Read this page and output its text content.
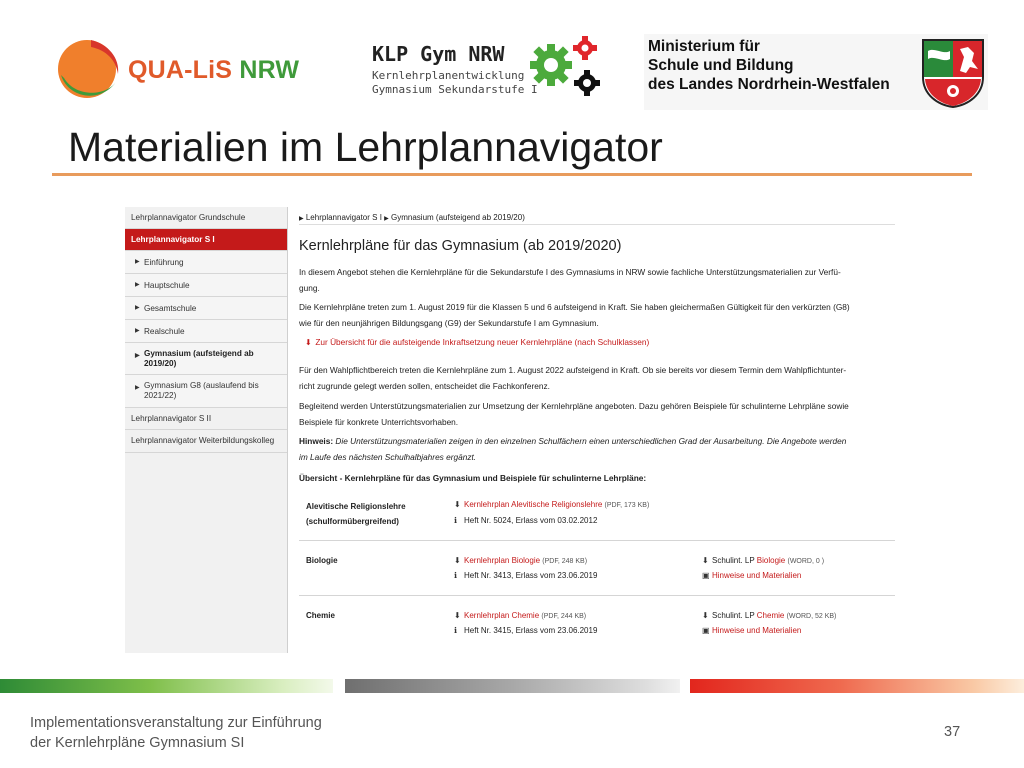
QUA-LiS NRW
KLP Gym NRW
Kernlehrplanentwicklung
Gymnasium Sekundarstufe I
Ministerium für
Schule und Bildung
des Landes Nordrhein-Westfalen
Materialien im Lehrplannavigator
Lehrplannavigator Grundschule
Lehrplannavigator S I
▶ Einführung
▶ Hauptschule
▶ Gesamtschule
▶ Realschule
▶ Gymnasium (aufsteigend ab
2019/20)
▶ Gymnasium G8 (auslaufend bis
2021/22)
Lehrplannavigator S II
Lehrplannavigator Weiterbildungskolleg
▶ Lehrplannavigator S I ▶ Gymnasium (aufsteigend ab 2019/20)
Kernlehrpläne für das Gymnasium (ab 2019/2020)
In diesem Angebot stehen die Kernlehrpläne für die Sekundarstufe I des Gymnasiums in NRW sowie fachliche Unterstützungsmaterialien zur Verfü-
gung.
Die Kernlehrpläne treten zum 1. August 2019 für die Klassen 5 und 6 aufsteigend in Kraft. Sie haben gleichermaßen Gültigkeit für den verkürzten (G8)
wie für den neunjährigen Bildungsgang (G9) der Sekundarstufe I am Gymnasium.
⬇ Zur Übersicht für die aufsteigende Inkraftsetzung neuer Kernlehrpläne (nach Schulklassen)
Für den Wahlpflichtbereich treten die Kernlehrpläne zum 1. August 2022 aufsteigend in Kraft. Ob sie bereits vor diesem Termin dem Wahlpflichtunter-
richt zugrunde gelegt werden sollen, entscheidet die Fachkonferenz.
Begleitend werden Unterstützungsmaterialien zur Umsetzung der Kernlehrpläne angeboten. Dazu gehören Beispiele für schulinterne Lehrpläne sowie
Beispiele für konkrete Unterrichtsvorhaben.
Hinweis: Die Unterstützungsmaterialien zeigen in den einzelnen Schulfächern einen unterschiedlichen Grad der Ausarbeitung. Die Angebote werden
im Laufe des nächsten Schulhalbjahres ergänzt.
Übersicht - Kernlehrpläne für das Gymnasium und Beispiele für schulinterne Lehrpläne:
Alevitische Religionslehre
(schulformübergreifend)
⬇ Kernlehrplan Alevitische Religionslehre (PDF, 173 KB)
ℹ Heft Nr. 5024, Erlass vom 03.02.2012
Biologie	⬇ Kernlehrplan Biologie (PDF, 248 KB)
ℹ Heft Nr. 3413, Erlass vom 23.06.2019
⬇ Schulint. LP Biologie (WORD, 0 )
▣ Hinweise und Materialien
Chemie	⬇ Kernlehrplan Chemie (PDF, 244 KB)
ℹ Heft Nr. 3415, Erlass vom 23.06.2019
⬇ Schulint. LP Chemie (WORD, 52 KB)
▣ Hinweise und Materialien
Implementationsveranstaltung zur Einführung
der Kernlehrpläne Gymnasium SI
37
